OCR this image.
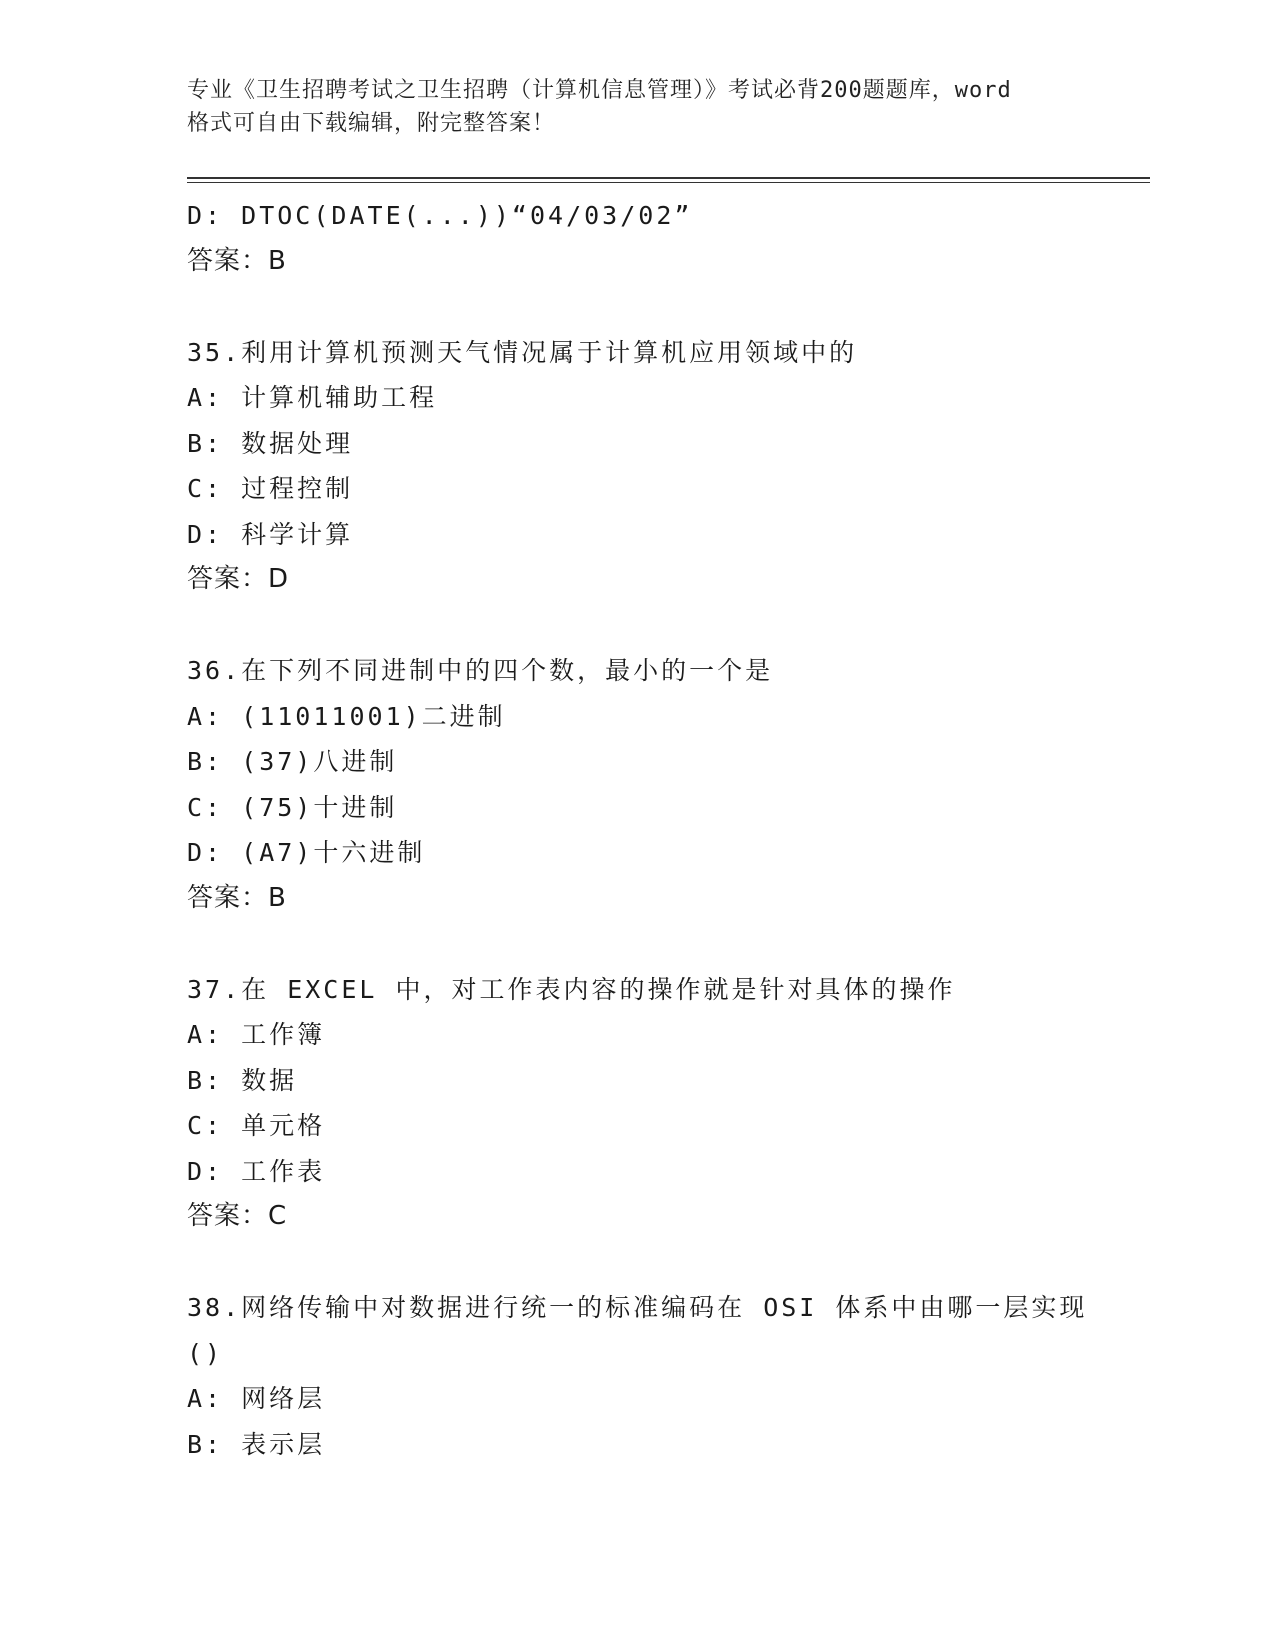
专业《卫生招聘考试之卫生招聘（计算机信息管理）》考试必背200题题库，word
格式可自由下载编辑，附完整答案！
D: DTOC(DATE(...))“04/03/02”
答案：B
35.利用计算机预测天气情况属于计算机应用领域中的
A: 计算机辅助工程
B: 数据处理
C: 过程控制
D: 科学计算
答案：D
36.在下列不同进制中的四个数，最小的一个是
A: (11011001)二进制
B: (37)八进制
C: (75)十进制
D: (A7)十六进制
答案：B
37.在 EXCEL 中，对工作表内容的操作就是针对具体的操作
A: 工作簿
B: 数据
C: 单元格
D: 工作表
答案：C
38.网络传输中对数据进行统一的标准编码在 OSI 体系中由哪一层实现
()
A: 网络层
B: 表示层
